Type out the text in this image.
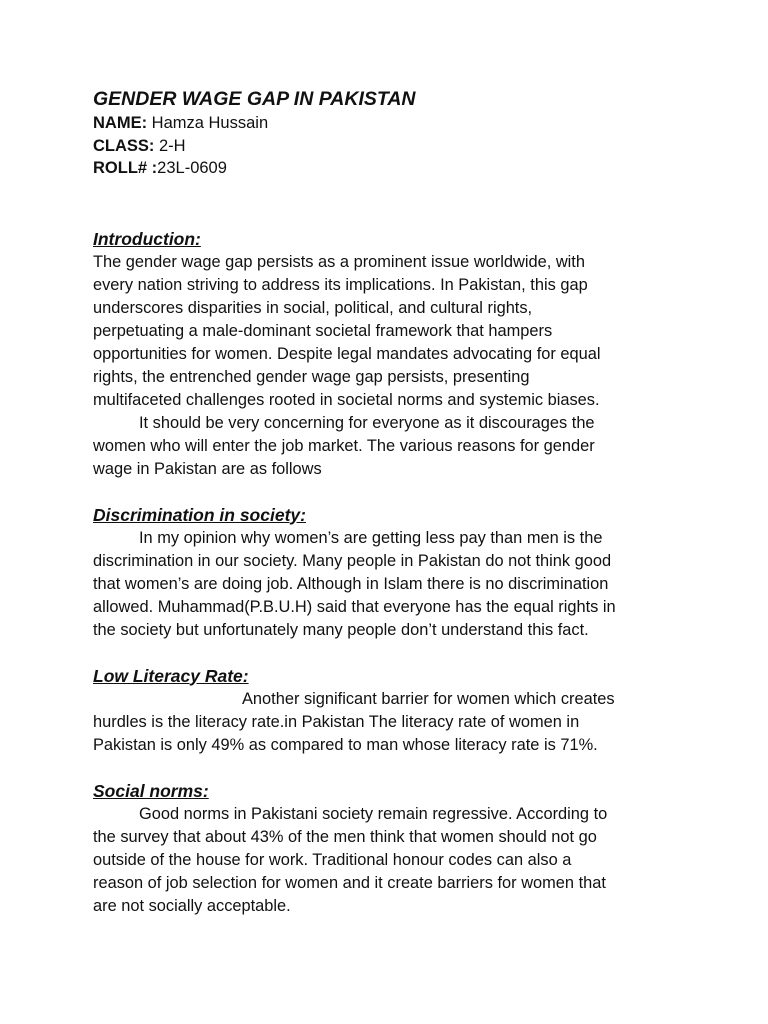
GENDER WAGE GAP IN PAKISTAN

NAME: Hamza Hussain

CLASS: 2-H

ROLL# :23L-0609

Introduction:

The gender wage gap persists as a prominent issue worldwide, with

every nation striving to address its implications. In Pakistan, this gap

underscores disparities in social, political, and cultural rights,

perpetuating a male-dominant societal framework that hampers

opportunities for women. Despite legal mandates advocating for equal

rights, the entrenched gender wage gap persists, presenting

multifaceted challenges rooted in societal norms and systemic biases.

It should be very concerning for everyone as it discourages the

women who will enter the job market. The various reasons for gender

wage in Pakistan are as follows

Discrimination in society:

In my opinion why women’s are getting less pay than men is the

discrimination in our society. Many people in Pakistan do not think good

that women’s are doing job. Although in Islam there is no discrimination

allowed. Muhammad(P.B.U.H) said that everyone has the equal rights in

the society but unfortunately many people don’t understand this fact.

Low Literacy Rate:

Another significant barrier for women which creates

hurdles is the literacy rate.in Pakistan The literacy rate of women in

Pakistan is only 49% as compared to man whose literacy rate is 71%.

Social norms:

Good norms in Pakistani society remain regressive. According to

the survey that about 43% of the men think that women should not go

outside of the house for work. Traditional honour codes can also a

reason of job selection for women and it create barriers for women that

are not socially acceptable.
